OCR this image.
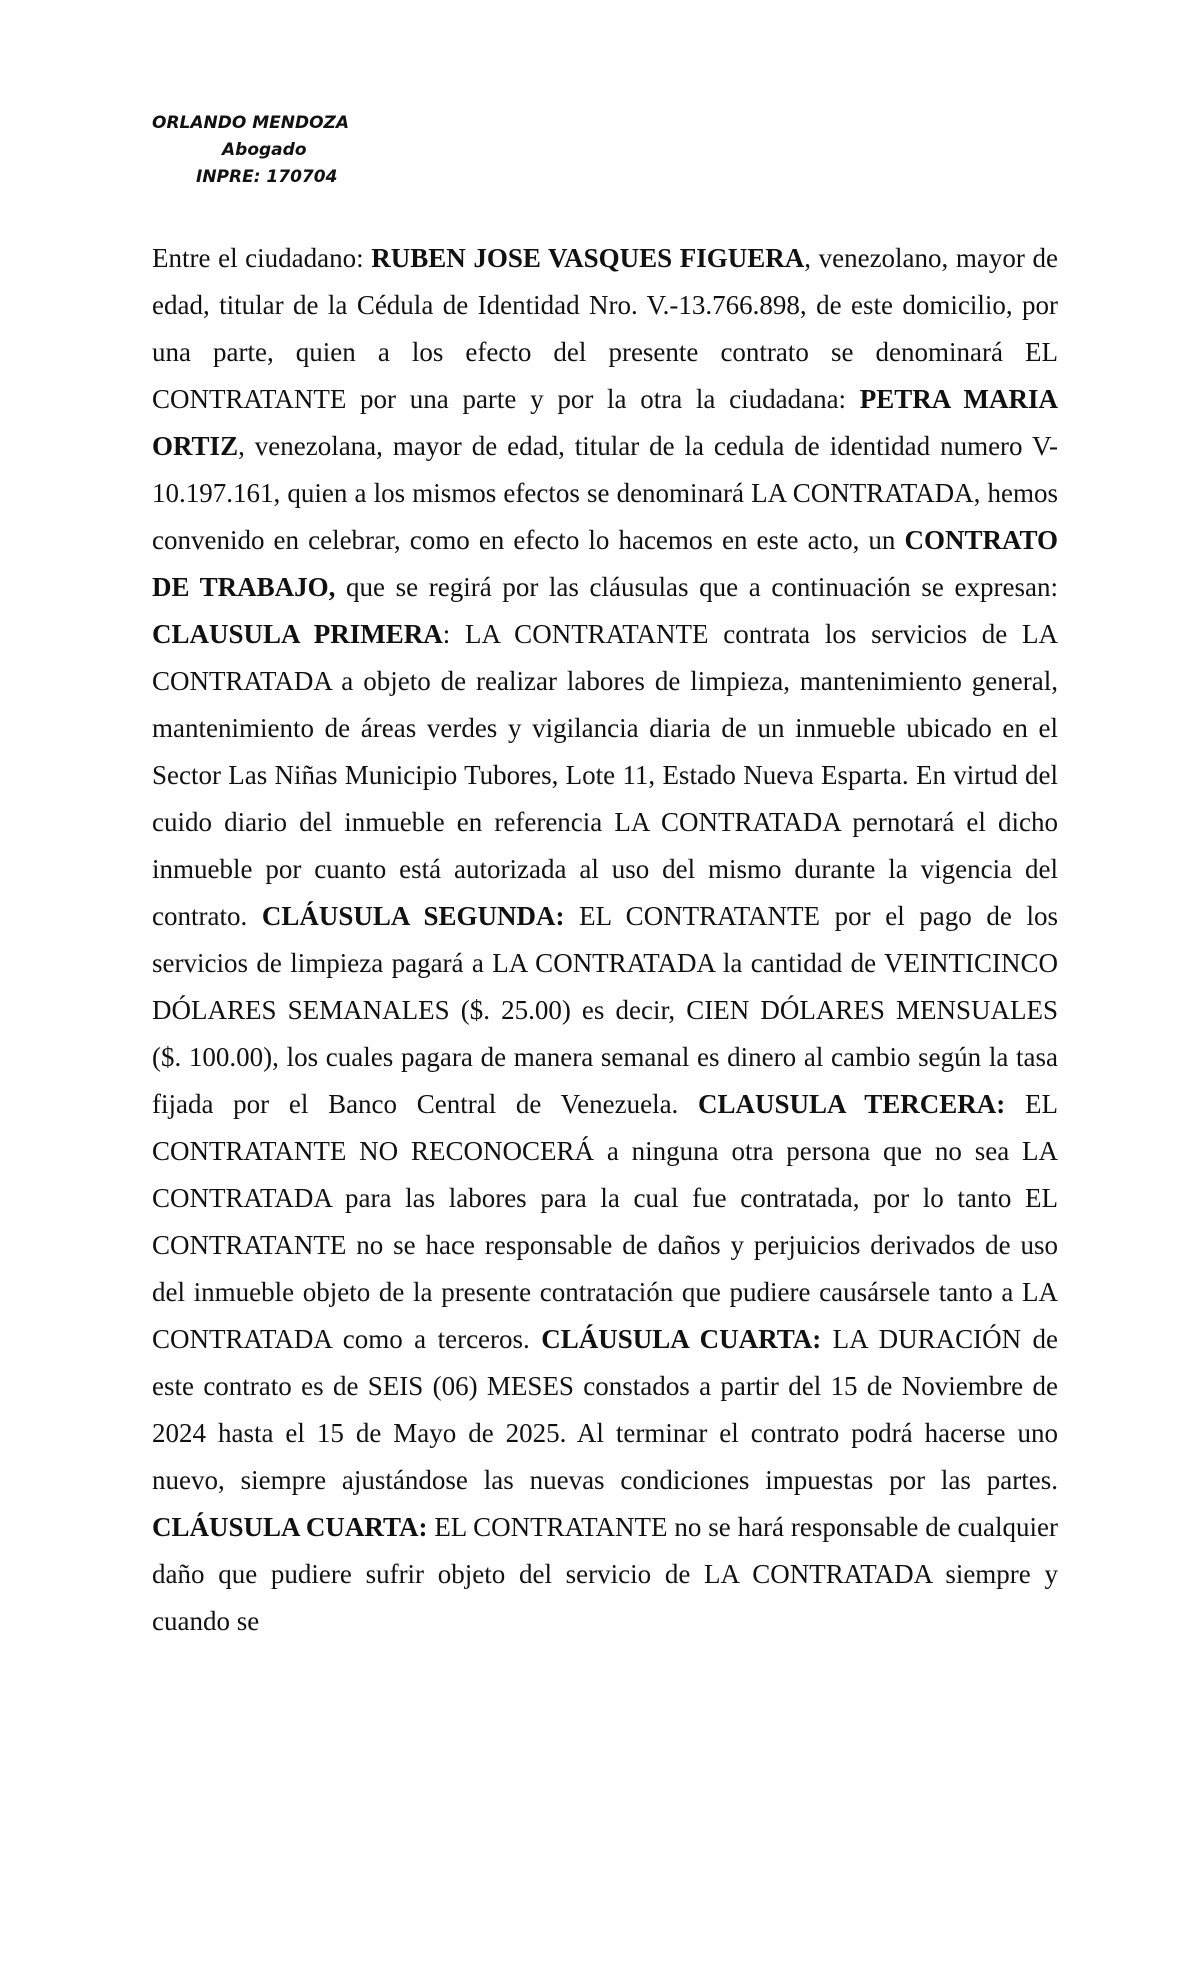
ORLANDO MENDOZA
Abogado
INPRE: 170704

Entre el ciudadano: RUBEN JOSE VASQUES FIGUERA, venezolano, mayor de edad, titular de la Cédula de Identidad Nro. V.-13.766.898, de este domicilio, por una parte, quien a los efecto del presente contrato se denominará EL CONTRATANTE por una parte y por la otra la ciudadana: PETRA MARIA ORTIZ, venezolana, mayor de edad, titular de la cedula de identidad numero V-10.197.161, quien a los mismos efectos se denominará LA CONTRATADA, hemos convenido en celebrar, como en efecto lo hacemos en este acto, un CONTRATO DE TRABAJO, que se regirá por las cláusulas que a continuación se expresan: CLAUSULA PRIMERA: LA CONTRATANTE contrata los servicios de LA CONTRATADA a objeto de realizar labores de limpieza, mantenimiento general, mantenimiento de áreas verdes y vigilancia diaria de un inmueble ubicado en el Sector Las Niñas Municipio Tubores, Lote 11, Estado Nueva Esparta. En virtud del cuido diario del inmueble en referencia LA CONTRATADA pernotará el dicho inmueble por cuanto está autorizada al uso del mismo durante la vigencia del contrato. CLÁUSULA SEGUNDA: EL CONTRATANTE por el pago de los servicios de limpieza pagará a LA CONTRATADA la cantidad de VEINTICINCO DÓLARES SEMANALES ($. 25.00) es decir, CIEN DÓLARES MENSUALES ($. 100.00), los cuales pagara de manera semanal es dinero al cambio según la tasa fijada por el Banco Central de Venezuela. CLAUSULA TERCERA: EL CONTRATANTE NO RECONOCERÁ a ninguna otra persona que no sea LA CONTRATADA para las labores para la cual fue contratada, por lo tanto EL CONTRATANTE no se hace responsable de daños y perjuicios derivados de uso del inmueble objeto de la presente contratación que pudiere causársele tanto a LA CONTRATADA como a terceros. CLÁUSULA CUARTA: LA DURACIÓN de este contrato es de SEIS (06) MESES constados a partir del 15 de Noviembre de 2024 hasta el 15 de Mayo de 2025. Al terminar el contrato podrá hacerse uno nuevo, siempre ajustándose las nuevas condiciones impuestas por las partes. CLÁUSULA CUARTA: EL CONTRATANTE no se hará responsable de cualquier daño que pudiere sufrir objeto del servicio de LA CONTRATADA siempre y cuando se
